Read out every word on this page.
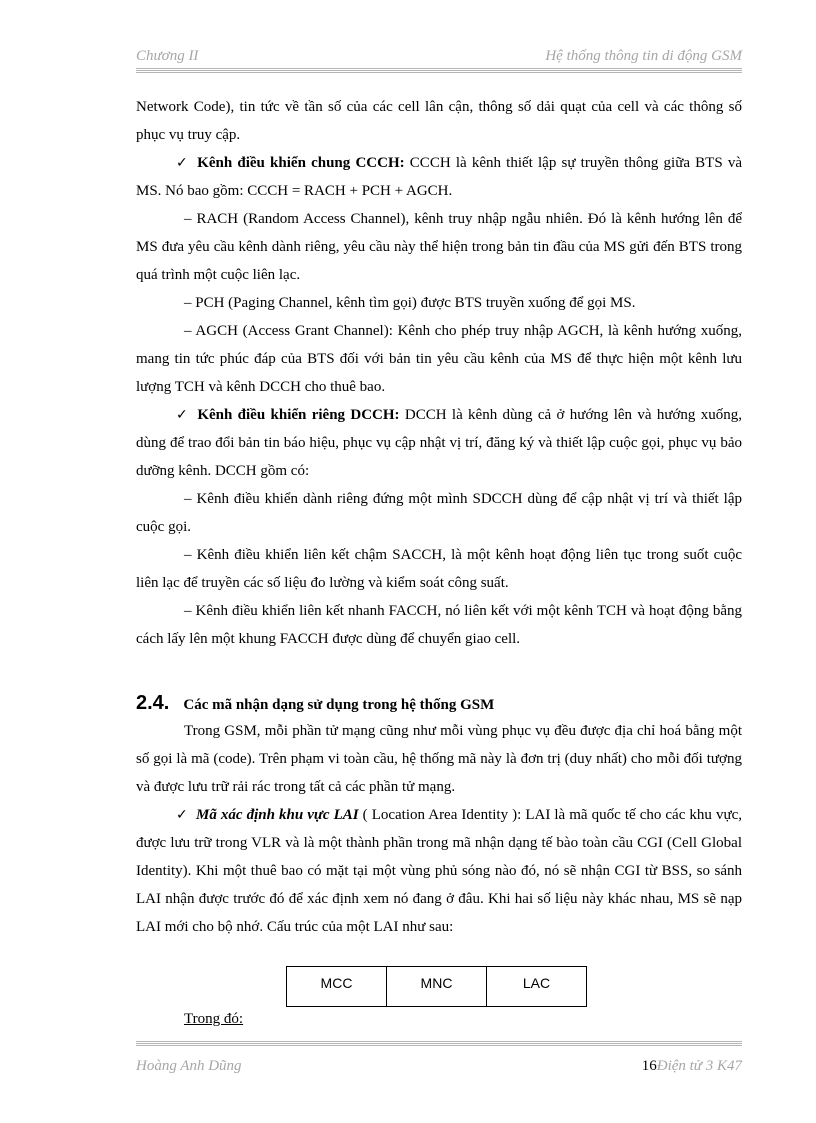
Chương II	Hệ thống thông tin di động GSM

Network Code), tin tức về tần số của các cell lân cận, thông số dải quạt của cell và các thông số phục vụ truy cập.

✓ Kênh điều khiển chung CCCH: CCCH là kênh thiết lập sự truyền thông giữa BTS và MS. Nó bao gồm: CCCH = RACH + PCH + AGCH.

– RACH (Random Access Channel), kênh truy nhập ngẫu nhiên. Đó là kênh hướng lên để MS đưa yêu cầu kênh dành riêng, yêu cầu này thể hiện trong bản tin đầu của MS gửi đến BTS trong quá trình một cuộc liên lạc.

– PCH (Paging Channel, kênh tìm gọi) được BTS truyền xuống để gọi MS.

– AGCH (Access Grant Channel): Kênh cho phép truy nhập AGCH, là kênh hướng xuống, mang tin tức phúc đáp của BTS đối với bản tin yêu cầu kênh của MS để thực hiện một kênh lưu lượng TCH và kênh DCCH cho thuê bao.

✓ Kênh điều khiển riêng DCCH: DCCH là kênh dùng cả ở hướng lên và hướng xuống, dùng để trao đổi bản tin báo hiệu, phục vụ cập nhật vị trí, đăng ký và thiết lập cuộc gọi, phục vụ bảo dưỡng kênh. DCCH gồm có:

– Kênh điều khiển dành riêng đứng một mình SDCCH dùng để cập nhật vị trí và thiết lập cuộc gọi.

– Kênh điều khiển liên kết chậm SACCH, là một kênh hoạt động liên tục trong suốt cuộc liên lạc để truyền các số liệu đo lường và kiểm soát công suất.

– Kênh điều khiển liên kết nhanh FACCH, nó liên kết với một kênh TCH và hoạt động bằng cách lấy lên một khung FACCH được dùng để chuyển giao cell.

2.4. Các mã nhận dạng sử dụng trong hệ thống GSM

Trong GSM, mỗi phần tử mạng cũng như mỗi vùng phục vụ đều được địa chỉ hoá bằng một số gọi là mã (code). Trên phạm vi toàn cầu, hệ thống mã này là đơn trị (duy nhất) cho mỗi đối tượng và được lưu trữ rải rác trong tất cả các phần tử mạng.

✓ Mã xác định khu vực LAI ( Location Area Identity ): LAI là mã quốc tế cho các khu vực, được lưu trữ trong VLR và là một thành phần trong mã nhận dạng tế bào toàn cầu CGI (Cell Global Identity). Khi một thuê bao có mặt tại một vùng phủ sóng nào đó, nó sẽ nhận CGI từ BSS, so sánh LAI nhận được trước đó để xác định xem nó đang ở đâu. Khi hai số liệu này khác nhau, MS sẽ nạp LAI mới cho bộ nhớ. Cấu trúc của một LAI như sau:

MCC	MNC	LAC
Trong đó:
Hoàng Anh Dũng	16Điện tử 3 K47
